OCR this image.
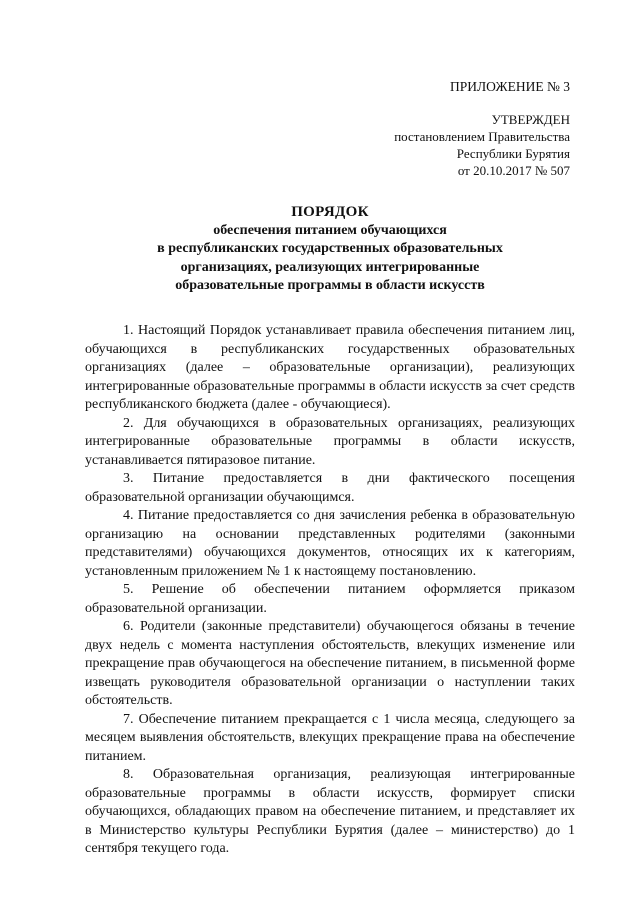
ПРИЛОЖЕНИЕ № 3
УТВЕРЖДЕН
постановлением Правительства
Республики Бурятия
от 20.10.2017 № 507
ПОРЯДОК
обеспечения питанием обучающихся
в республиканских государственных образовательных
организациях, реализующих интегрированные
образовательные программы в области искусств

1. Настоящий Порядок устанавливает правила обеспечения питанием лиц, обучающихся в республиканских государственных образовательных организациях (далее – образовательные организации), реализующих интегрированные образовательные программы в области искусств за счет средств республиканского бюджета (далее - обучающиеся).

2. Для обучающихся в образовательных организациях, реализующих интегрированные образовательные программы в области искусств, устанавливается пятиразовое питание.

3. Питание предоставляется в дни фактического посещения образовательной организации обучающимся.

4. Питание предоставляется со дня зачисления ребенка в образовательную организацию на основании представленных родителями (законными представителями) обучающихся документов, относящих их к категориям, установленным приложением № 1 к настоящему постановлению.

5. Решение об обеспечении питанием оформляется приказом образовательной организации.

6. Родители (законные представители) обучающегося обязаны в течение двух недель с момента наступления обстоятельств, влекущих изменение или прекращение прав обучающегося на обеспечение питанием, в письменной форме извещать руководителя образовательной организации о наступлении таких обстоятельств.

7. Обеспечение питанием прекращается с 1 числа месяца, следующего за месяцем выявления обстоятельств, влекущих прекращение права на обеспечение питанием.

8. Образовательная организация, реализующая интегрированные образовательные программы в области искусств, формирует списки обучающихся, обладающих правом на обеспечение питанием, и представляет их в Министерство культуры Республики Бурятия (далее – министерство) до 1 сентября текущего года.
